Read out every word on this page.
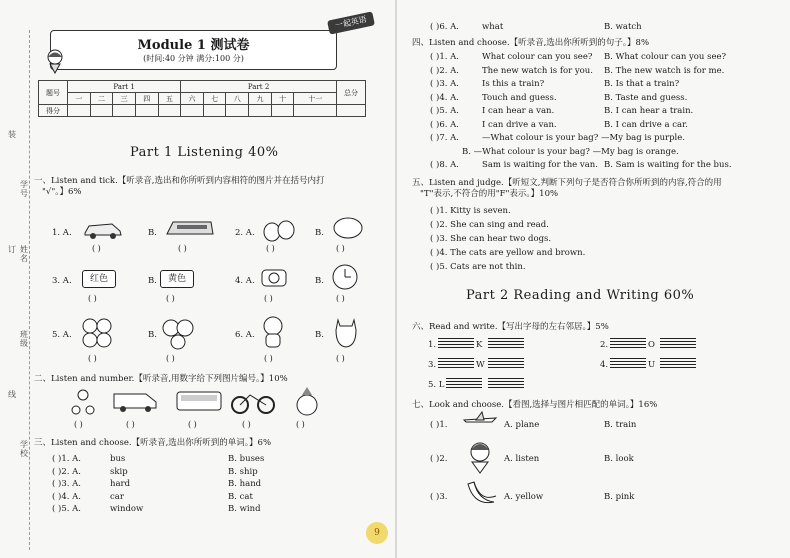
装
学号
姓名
订
班级
线
学校
Module 1 测试卷
(时间:40 分钟 满分:100 分)
一起英语
题号	Part 1					Part 2						总分
	一	二	三	四	五	六	七	八	九	十	十一	
得分												
Part 1 Listening 40%
一、Listen and tick.【听录音,选出和你所听到内容相符的图片并在括号内打
"√"。】6%
1. A.
( )
B.
( )
2. A.
( )
B.
( )
3. A.	红色
( )
B.	黄色
( )
4. A.
( )
B.
( )
5. A.
( )
B.
( )
6. A.
( )
B.
( )
二、Listen and number.【听录音,用数字给下列图片编号。】10%
( )	( )	( )	( )	( )
三、Listen and choose.【听录音,选出你所听到的单词。】6%
( )1. A.	bus	B. buses
( )2. A.	skip	B. ship
( )3. A.	hard	B. hand
( )4. A.	car	B. cat
( )5. A.	window	B. wind
( )6. A.	what	B. watch
四、Listen and choose.【听录音,选出你所听到的句子。】8%
五、Listen and judge.【听短文,判断下列句子是否符合你所听到的内容,符合的用
"T"表示,不符合的用"F"表示。】10%
Part 2 Reading and Writing 60%
六、Read and write.【写出字母的左右邻居。】5%
1.	K	2.	O
3.	W	4.	U
5. L
七、Look and choose.【看图,选择与图片相匹配的单词。】16%
( )1.	A. plane	B. train
( )2.	A. listen	B. look
( )3.	A. yellow	B. pink
( )1. A.	What colour can you see? B. What colour can you see?
( )2. A.	The new watch is for you. B. The new watch is for me.
( )3. A.	Is this a train?	B. Is that a train?
( )4. A.	Touch and guess.	B. Taste and guess.
( )5. A.	I can hear a van.	B. I can hear a train.
( )6. A.	I can drive a van.	B. I can drive a car.
( )7. A.	—What colour is your bag? —My bag is purple.
B. —What colour is your bag? —My bag is orange.
( )8. A.	Sam is waiting for the van. B. Sam is waiting for the bus.
( )1. Kitty is seven.
( )2. She can sing and read.
( )3. She can hear two dogs.
( )4. The cats are yellow and brown.
( )5. Cats are not thin.
9
